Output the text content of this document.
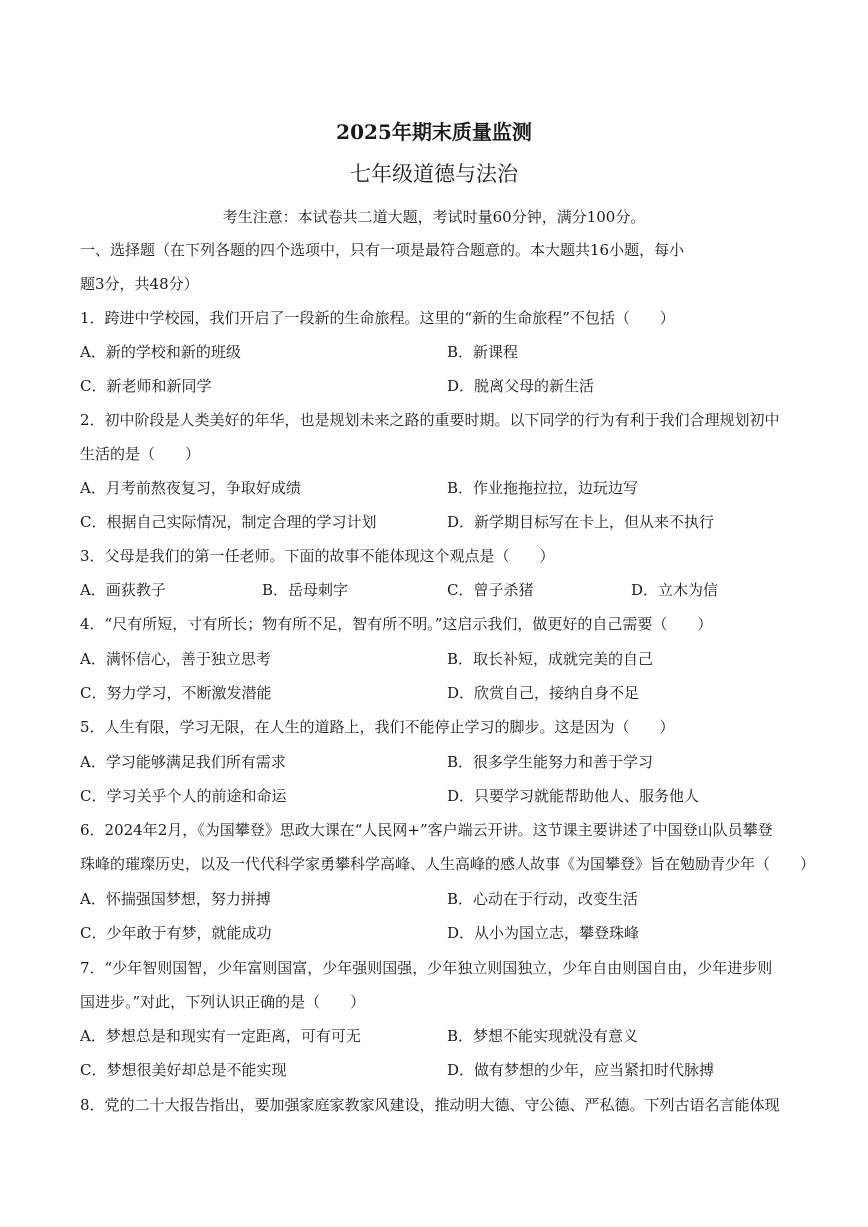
2025年期末质量监测
七年级道德与法治
考生注意：本试卷共二道大题，考试时量60分钟，满分100分。
一、选择题（在下列各题的四个选项中，只有一项是最符合题意的。本大题共16小题，每小
题3分，共48分）
1．跨进中学校园，我们开启了一段新的生命旅程。这里的“新的生命旅程”不包括（　　）
A．新的学校和新的班级	B．新课程
C．新老师和新同学	D．脱离父母的新生活
2．初中阶段是人类美好的年华，也是规划未来之路的重要时期。以下同学的行为有利于我们合理规划初中
生活的是（　　）
A．月考前熬夜复习，争取好成绩	B．作业拖拖拉拉，边玩边写
C．根据自己实际情况，制定合理的学习计划	D．新学期目标写在卡上，但从来不执行
3．父母是我们的第一任老师。下面的故事不能体现这个观点是（　　）
A．画荻教子	B．岳母刺字	C．曾子杀猪	D．立木为信
4．“尺有所短，寸有所长；物有所不足，智有所不明。”这启示我们，做更好的自己需要（　　）
A．满怀信心，善于独立思考	B．取长补短，成就完美的自己
C．努力学习，不断激发潜能	D．欣赏自己，接纳自身不足
5．人生有限，学习无限，在人生的道路上，我们不能停止学习的脚步。这是因为（　　）
A．学习能够满足我们所有需求	B．很多学生能努力和善于学习
C．学习关乎个人的前途和命运	D．只要学习就能帮助他人、服务他人
6．2024年2月，《为国攀登》思政大课在“人民网+”客户端云开讲。这节课主要讲述了中国登山队员攀登
珠峰的璀璨历史，以及一代代科学家勇攀科学高峰、人生高峰的感人故事《为国攀登》旨在勉励青少年（　　）
A．怀揣强国梦想，努力拼搏	B．心动在于行动，改变生活
C．少年敢于有梦，就能成功	D．从小为国立志，攀登珠峰
7．“少年智则国智，少年富则国富，少年强则国强，少年独立则国独立，少年自由则国自由，少年进步则
国进步。”对此，下列认识正确的是（　　）
A．梦想总是和现实有一定距离，可有可无	B．梦想不能实现就没有意义
C．梦想很美好却总是不能实现	D．做有梦想的少年，应当紧扣时代脉搏
8．党的二十大报告指出，要加强家庭家教家风建设，推动明大德、守公德、严私德。下列古语名言能体现
